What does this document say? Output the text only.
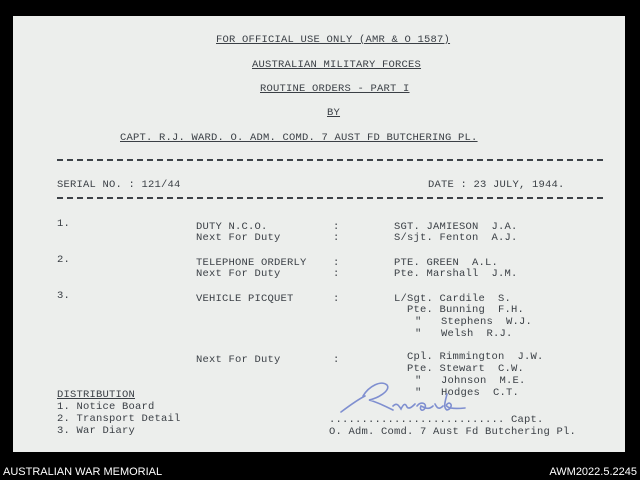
FOR OFFICIAL USE ONLY (AMR & O 1587)
AUSTRALIAN MILITARY FORCES
ROUTINE ORDERS - PART I
BY
CAPT. R.J. WARD. O. ADM. COMD. 7 AUST FD BUTCHERING PL.
SERIAL NO. : 121/44	DATE : 23 JULY, 1944.
1.	DUTY N.C.O.	:	SGT. JAMIESON  J.A.
Next For Duty	:	S/sjt. Fenton  A.J.
2.	TELEPHONE ORDERLY	:	PTE. GREEN  A.L.
Next For Duty	:	Pte. Marshall  J.M.
3.	VEHICLE PICQUET	:	L/Sgt. Cardile  S.
Pte. Bunning  F.H.
"   Stephens  W.J.
"   Welsh  R.J.
Next For Duty	:	Cpl. Rimmington  J.W.
Pte. Stewart  C.W.
"   Johnson  M.E.
"   Hodges  C.T.
DISTRIBUTION
1. Notice Board
2. Transport Detail
3. War Diary
........................... Capt.
O. Adm. Comd. 7 Aust Fd Butchering Pl.
AUSTRALIAN WAR MEMORIAL	AWM2022.5.2245
